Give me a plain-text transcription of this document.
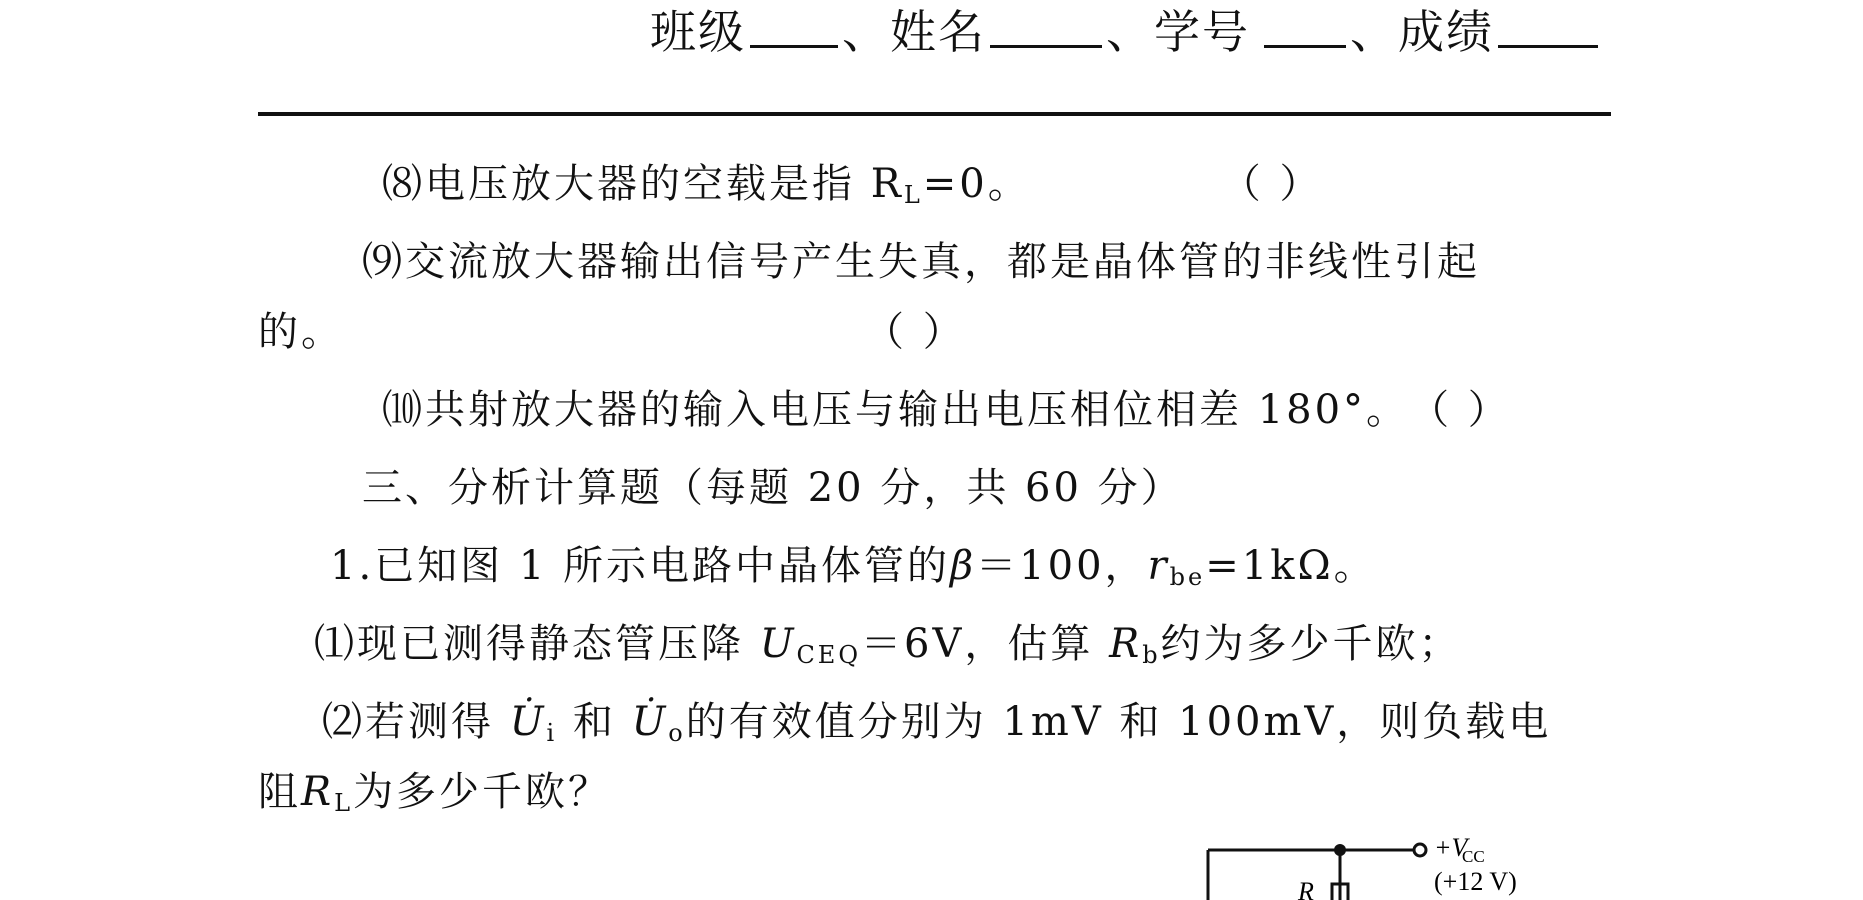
班级 、姓名	、学号 、成绩
⑻电压放大器的空载是指 $R_L=0$。	（ ）
⑼交流放大器输出信号产生失真，都是晶体管的非线性引起
的。	（ ）
⑽共射放大器的输入电压与输出电压相位相差 180°。（ ）
三、分析计算题（每题 20 分，共 60 分）
1.已知图 1 所示电路中晶体管的β＝100，$r_{be}=1k\Omega$。
⑴现已测得静态管压降 $U_{CEQ}=6V$，估算 $R_b$约为多少千欧；
⑵若测得 · $U_i$ 和 · $U_o$的有效值分别为 1mV 和 100mV，则负载电
阻$R_L$为多少千欧？
+V
CC
(+12 V)
R
